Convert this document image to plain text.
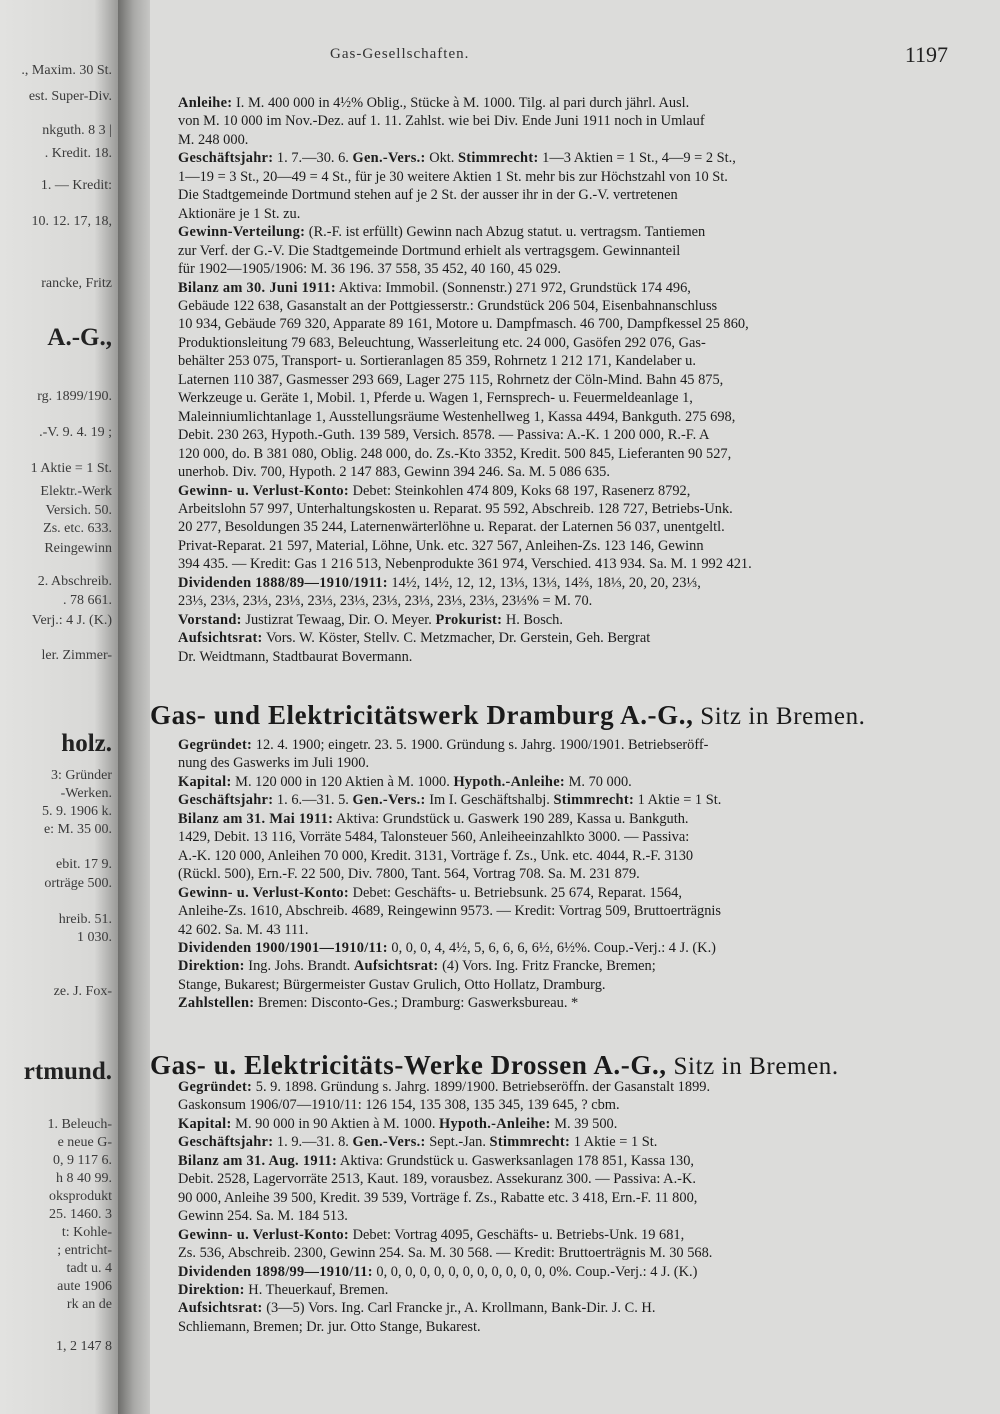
., Maxim. 30 St.
est. Super-Div.
nkguth. 8 3 |
. Kredit. 18.
1. — Kredit:
10. 12. 17, 18,
rancke, Fritz
A.-G.,
rg. 1899/190.
.-V. 9. 4. 19 ;
1 Aktie = 1 St.
Elektr.-Werk
Versich. 50.
Zs. etc. 633.
Reingewinn
2. Abschreib.
. 78 661.
Verj.: 4 J. (K.)
ler. Zimmer-
holz.
3: Gründer
-Werken.
5. 9. 1906 k.
e: M. 35 00.
ebit. 17 9.
orträge 500.
hreib. 51.
1 030.
ze. J. Fox-
rtmund.
1. Beleuch-
e neue G-
0, 9 117 6.
h 8 40 99.
oksprodukt
25. 1460. 3
t: Kohle-
; entricht-
tadt u. 4
aute 1906
rk an de
1, 2 147 8
Gas-Gesellschaften.	1197

Anleihe: I. M. 400 000 in 4½% Oblig., Stücke à M. 1000. Tilg. al pari durch jährl. Ausl.

von M. 10 000 im Nov.-Dez. auf 1. 11. Zahlst. wie bei Div. Ende Juni 1911 noch in Umlauf

M. 248 000.

Geschäftsjahr: 1. 7.—30. 6. Gen.-Vers.: Okt. Stimmrecht: 1—3 Aktien = 1 St., 4—9 = 2 St.,

1—19 = 3 St., 20—49 = 4 St., für je 30 weitere Aktien 1 St. mehr bis zur Höchstzahl von 10 St.

Die Stadtgemeinde Dortmund stehen auf je 2 St. der ausser ihr in der G.-V. vertretenen

Aktionäre je 1 St. zu.

Gewinn-Verteilung: (R.-F. ist erfüllt) Gewinn nach Abzug statut. u. vertragsm. Tantiemen

zur Verf. der G.-V. Die Stadtgemeinde Dortmund erhielt als vertragsgem. Gewinnanteil

für 1902—1905/1906: M. 36 196. 37 558, 35 452, 40 160, 45 029.

Bilanz am 30. Juni 1911: Aktiva: Immobil. (Sonnenstr.) 271 972, Grundstück 174 496,

Gebäude 122 638, Gasanstalt an der Pottgiesserstr.: Grundstück 206 504, Eisenbahnanschluss

10 934, Gebäude 769 320, Apparate 89 161, Motore u. Dampfmasch. 46 700, Dampfkessel 25 860,

Produktionsleitung 79 683, Beleuchtung, Wasserleitung etc. 24 000, Gasöfen 292 076, Gas-

behälter 253 075, Transport- u. Sortieranlagen 85 359, Rohrnetz 1 212 171, Kandelaber u.

Laternen 110 387, Gasmesser 293 669, Lager 275 115, Rohrnetz der Cöln-Mind. Bahn 45 875,

Werkzeuge u. Geräte 1, Mobil. 1, Pferde u. Wagen 1, Fernsprech- u. Feuermeldeanlage 1,

Maleinniumlichtanlage 1, Ausstellungsräume Westenhellweg 1, Kassa 4494, Bankguth. 275 698,

Debit. 230 263, Hypoth.-Guth. 139 589, Versich. 8578. — Passiva: A.-K. 1 200 000, R.-F. A

120 000, do. B 381 080, Oblig. 248 000, do. Zs.-Kto 3352, Kredit. 500 845, Lieferanten 90 527,

unerhob. Div. 700, Hypoth. 2 147 883, Gewinn 394 246. Sa. M. 5 086 635.

Gewinn- u. Verlust-Konto: Debet: Steinkohlen 474 809, Koks 68 197, Rasenerz 8792,

Arbeitslohn 57 997, Unterhaltungskosten u. Reparat. 95 592, Abschreib. 128 727, Betriebs-Unk.

20 277, Besoldungen 35 244, Laternenwärterlöhne u. Reparat. der Laternen 56 037, unentgeltl.

Privat-Reparat. 21 597, Material, Löhne, Unk. etc. 327 567, Anleihen-Zs. 123 146, Gewinn

394 435. — Kredit: Gas 1 216 513, Nebenprodukte 361 974, Verschied. 413 934. Sa. M. 1 992 421.

Dividenden 1888/89—1910/1911: 14½, 14½, 12, 12, 13⅓, 13⅓, 14⅔, 18⅓, 20, 20, 23⅓,

23⅓, 23⅓, 23⅓, 23⅓, 23⅓, 23⅓, 23⅓, 23⅓, 23⅓, 23⅓, 23⅓% = M. 70.

Vorstand: Justizrat Tewaag, Dir. O. Meyer. Prokurist: H. Bosch.

Aufsichtsrat: Vors. W. Köster, Stellv. C. Metzmacher, Dr. Gerstein, Geh. Bergrat

Dr. Weidtmann, Stadtbaurat Bovermann.

Gas- und Elektricitätswerk Dramburg A.-G., Sitz in Bremen.

Gegründet: 12. 4. 1900; eingetr. 23. 5. 1900. Gründung s. Jahrg. 1900/1901. Betriebseröff-

nung des Gaswerks im Juli 1900.

Kapital: M. 120 000 in 120 Aktien à M. 1000. Hypoth.-Anleihe: M. 70 000.

Geschäftsjahr: 1. 6.—31. 5. Gen.-Vers.: Im I. Geschäftshalbj. Stimmrecht: 1 Aktie = 1 St.

Bilanz am 31. Mai 1911: Aktiva: Grundstück u. Gaswerk 190 289, Kassa u. Bankguth.

1429, Debit. 13 116, Vorräte 5484, Talonsteuer 560, Anleiheeinzahlkto 3000. — Passiva:

A.-K. 120 000, Anleihen 70 000, Kredit. 3131, Vorträge f. Zs., Unk. etc. 4044, R.-F. 3130

(Rückl. 500), Ern.-F. 22 500, Div. 7800, Tant. 564, Vortrag 708. Sa. M. 231 879.

Gewinn- u. Verlust-Konto: Debet: Geschäfts- u. Betriebsunk. 25 674, Reparat. 1564,

Anleihe-Zs. 1610, Abschreib. 4689, Reingewinn 9573. — Kredit: Vortrag 509, Bruttoerträgnis

42 602. Sa. M. 43 111.

Dividenden 1900/1901—1910/11: 0, 0, 0, 4, 4½, 5, 6, 6, 6, 6½, 6½%. Coup.-Verj.: 4 J. (K.)

Direktion: Ing. Johs. Brandt. Aufsichtsrat: (4) Vors. Ing. Fritz Francke, Bremen;

Stange, Bukarest; Bürgermeister Gustav Grulich, Otto Hollatz, Dramburg.

Zahlstellen: Bremen: Disconto-Ges.; Dramburg: Gaswerksbureau. *

Gas- u. Elektricitäts-Werke Drossen A.-G., Sitz in Bremen.

Gegründet: 5. 9. 1898. Gründung s. Jahrg. 1899/1900. Betriebseröffn. der Gasanstalt 1899.

Gaskonsum 1906/07—1910/11: 126 154, 135 308, 135 345, 139 645, ? cbm.

Kapital: M. 90 000 in 90 Aktien à M. 1000. Hypoth.-Anleihe: M. 39 500.

Geschäftsjahr: 1. 9.—31. 8. Gen.-Vers.: Sept.-Jan. Stimmrecht: 1 Aktie = 1 St.

Bilanz am 31. Aug. 1911: Aktiva: Grundstück u. Gaswerksanlagen 178 851, Kassa 130,

Debit. 2528, Lagervorräte 2513, Kaut. 189, vorausbez. Assekuranz 300. — Passiva: A.-K.

90 000, Anleihe 39 500, Kredit. 39 539, Vorträge f. Zs., Rabatte etc. 3 418, Ern.-F. 11 800,

Gewinn 254. Sa. M. 184 513.

Gewinn- u. Verlust-Konto: Debet: Vortrag 4095, Geschäfts- u. Betriebs-Unk. 19 681,

Zs. 536, Abschreib. 2300, Gewinn 254. Sa. M. 30 568. — Kredit: Bruttoerträgnis M. 30 568.

Dividenden 1898/99—1910/11: 0, 0, 0, 0, 0, 0, 0, 0, 0, 0, 0, 0, 0%. Coup.-Verj.: 4 J. (K.)

Direktion: H. Theuerkauf, Bremen.

Aufsichtsrat: (3—5) Vors. Ing. Carl Francke jr., A. Krollmann, Bank-Dir. J. C. H.

Schliemann, Bremen; Dr. jur. Otto Stange, Bukarest.
